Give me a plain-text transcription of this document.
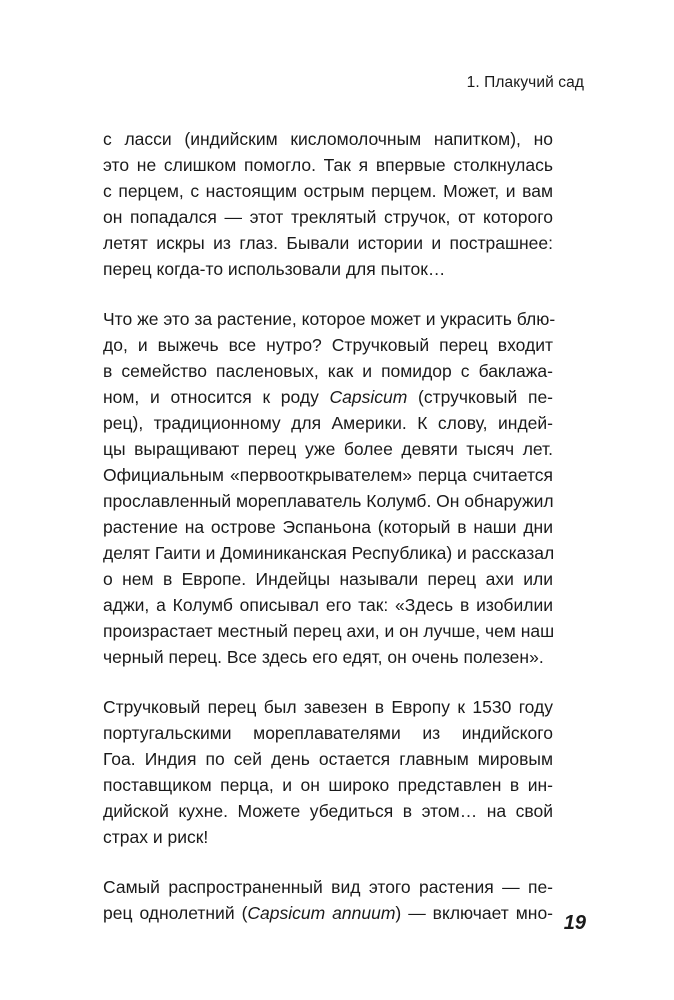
1. Плакучий сад

с ласси (индийским кисломолочным напитком), но
это не слишком помогло. Так я впервые столкнулась
с перцем, с настоящим острым перцем. Может, и вам
он попадался — этот треклятый стручок, от которого
летят искры из глаз. Бывали истории и пострашнее:
перец когда-то использовали для пыток…

Что же это за растение, которое может и украсить блю-
до, и выжечь все нутро? Стручковый перец входит
в семейство пасленовых, как и помидор с баклажа-
ном, и относится к роду Capsicum (стручковый пе-
рец), традиционному для Америки. К слову, индей-
цы выращивают перец уже более девяти тысяч лет.
Официальным «первооткрывателем» перца считается
прославленный мореплаватель Колумб. Он обнаружил
растение на острове Эспаньона (который в наши дни
делят Гаити и Доминиканская Республика) и рассказал
о нем в Европе. Индейцы называли перец ахи или
аджи, а Колумб описывал его так: «Здесь в изобилии
произрастает местный перец ахи, и он лучше, чем наш
черный перец. Все здесь его едят, он очень полезен».

Стручковый перец был завезен в Европу к 1530 году
португальскими мореплавателями из индийского
Гоа. Индия по сей день остается главным мировым
поставщиком перца, и он широко представлен в ин-
дийской кухне. Можете убедиться в этом… на свой
страх и риск!

Самый распространенный вид этого растения — пе-
рец однолетний (Capsicum annuum) — включает мно- 19
